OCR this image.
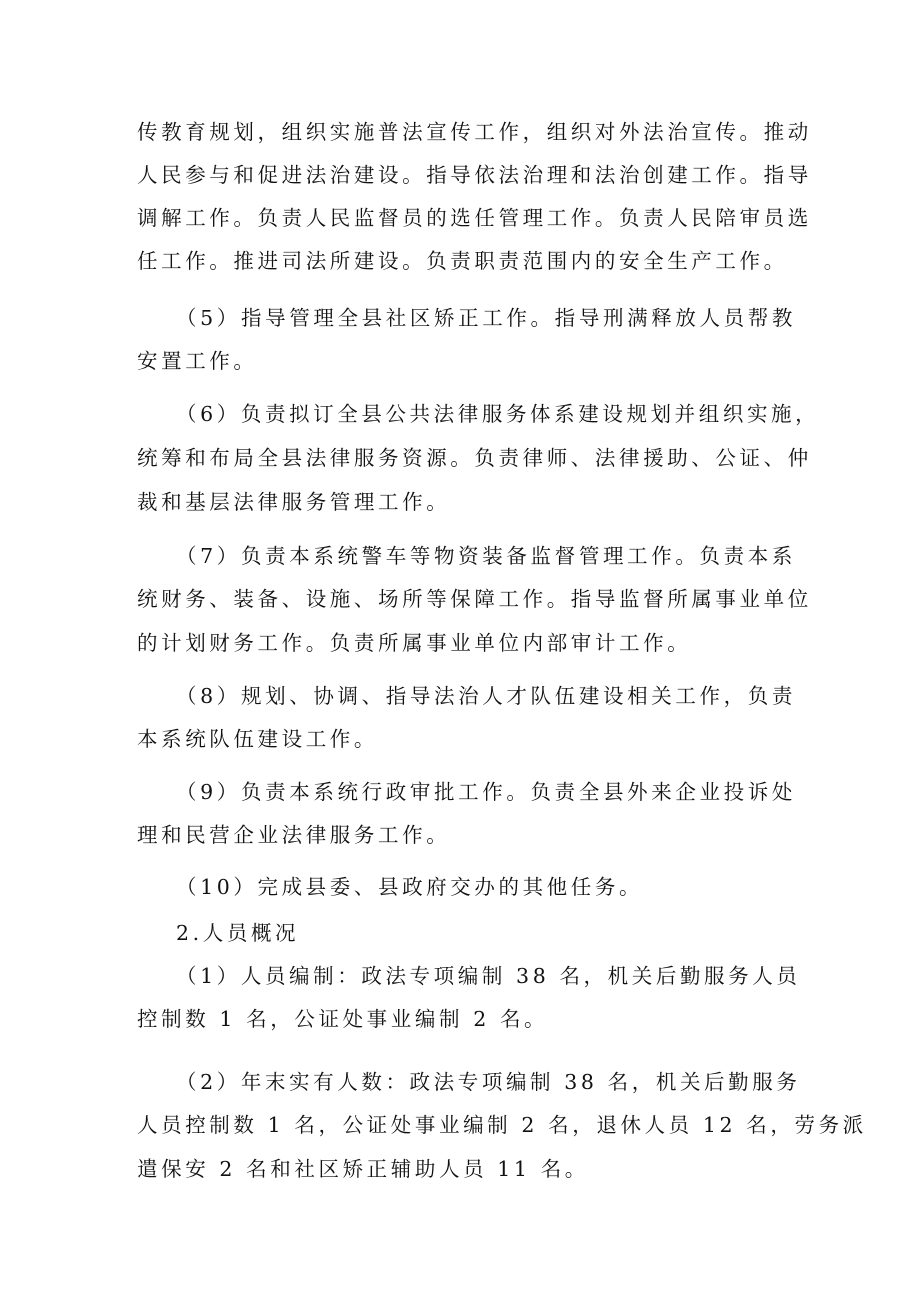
传教育规划，组织实施普法宣传工作，组织对外法治宣传。推动
人民参与和促进法治建设。指导依法治理和法治创建工作。指导
调解工作。负责人民监督员的选任管理工作。负责人民陪审员选
任工作。推进司法所建设。负责职责范围内的安全生产工作。
（5）指导管理全县社区矫正工作。指导刑满释放人员帮教
安置工作。
（6）负责拟订全县公共法律服务体系建设规划并组织实施，
统筹和布局全县法律服务资源。负责律师、法律援助、公证、仲
裁和基层法律服务管理工作。
（7）负责本系统警车等物资装备监督管理工作。负责本系
统财务、装备、设施、场所等保障工作。指导监督所属事业单位
的计划财务工作。负责所属事业单位内部审计工作。
（8）规划、协调、指导法治人才队伍建设相关工作，负责
本系统队伍建设工作。
（9）负责本系统行政审批工作。负责全县外来企业投诉处
理和民营企业法律服务工作。
（10）完成县委、县政府交办的其他任务。
2.人员概况
（1）人员编制：政法专项编制 38 名，机关后勤服务人员
控制数 1 名，公证处事业编制 2 名。
（2）年末实有人数：政法专项编制 38 名，机关后勤服务
人员控制数 1 名，公证处事业编制 2 名，退休人员 12 名，劳务派
遣保安 2 名和社区矫正辅助人员 11 名。
